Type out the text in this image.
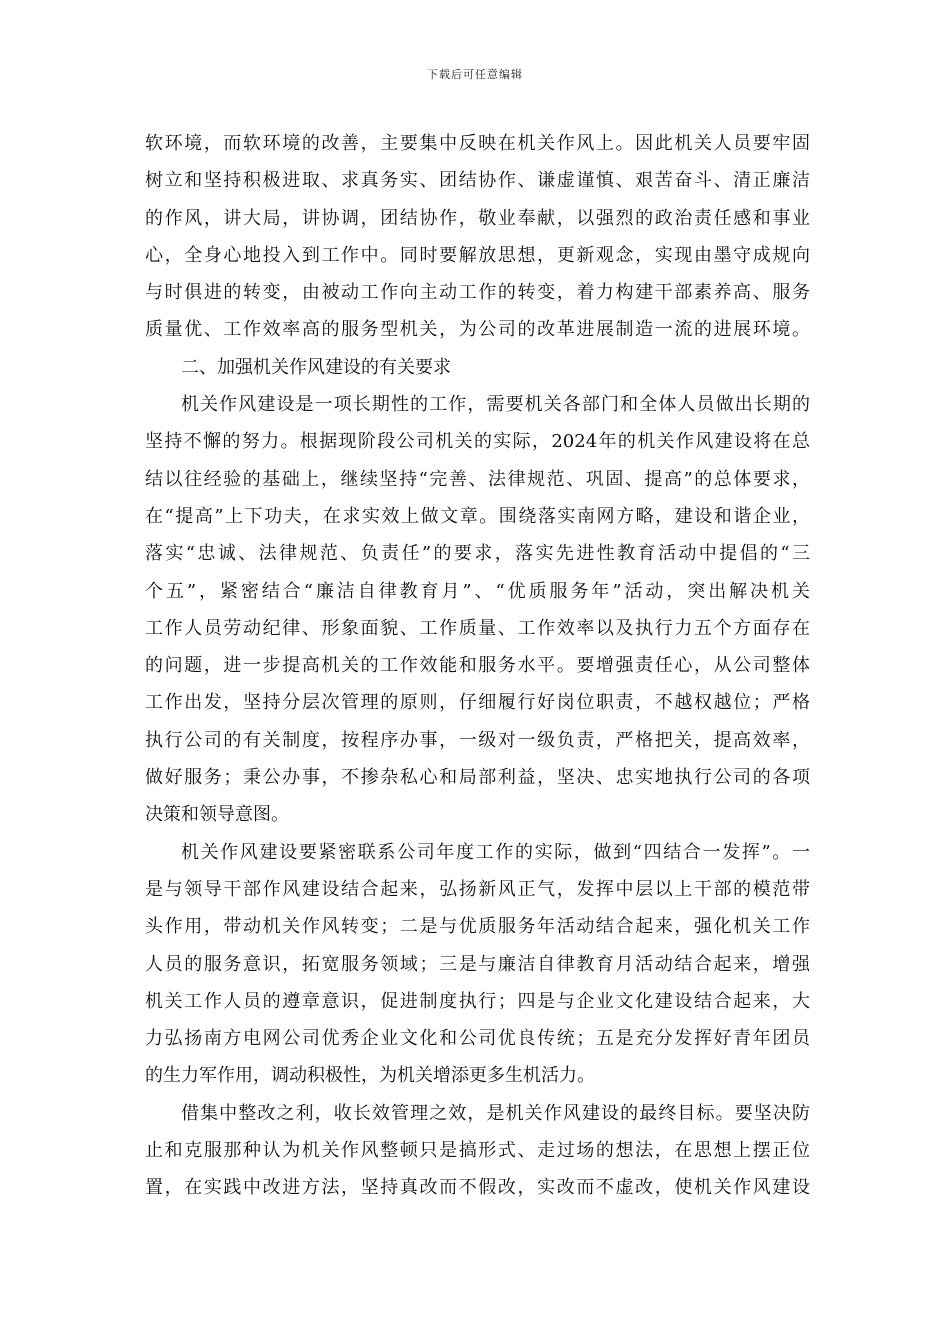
下载后可任意编辑
软环境，而软环境的改善，主要集中反映在机关作风上。因此机关人员要牢固
树立和坚持积极进取、求真务实、团结协作、谦虚谨慎、艰苦奋斗、清正廉洁
的作风，讲大局，讲协调，团结协作，敬业奉献，以强烈的政治责任感和事业
心，全身心地投入到工作中。同时要解放思想，更新观念，实现由墨守成规向
与时俱进的转变，由被动工作向主动工作的转变，着力构建干部素养高、服务
质量优、工作效率高的服务型机关，为公司的改革进展制造一流的进展环境。
二、加强机关作风建设的有关要求
机关作风建设是一项长期性的工作，需要机关各部门和全体人员做出长期的
坚持不懈的努力。根据现阶段公司机关的实际，2024年的机关作风建设将在总
结以往经验的基础上，继续坚持“完善、法律规范、巩固、提高”的总体要求，
在“提高”上下功夫，在求实效上做文章。围绕落实南网方略，建设和谐企业，
落实“忠诚、法律规范、负责任”的要求，落实先进性教育活动中提倡的“三
个五”，紧密结合“廉洁自律教育月”、“优质服务年”活动，突出解决机关
工作人员劳动纪律、形象面貌、工作质量、工作效率以及执行力五个方面存在
的问题，进一步提高机关的工作效能和服务水平。要增强责任心，从公司整体
工作出发，坚持分层次管理的原则，仔细履行好岗位职责，不越权越位；严格
执行公司的有关制度，按程序办事，一级对一级负责，严格把关，提高效率，
做好服务；秉公办事，不掺杂私心和局部利益，坚决、忠实地执行公司的各项
决策和领导意图。
机关作风建设要紧密联系公司年度工作的实际，做到“四结合一发挥”。一
是与领导干部作风建设结合起来，弘扬新风正气，发挥中层以上干部的模范带
头作用，带动机关作风转变；二是与优质服务年活动结合起来，强化机关工作
人员的服务意识，拓宽服务领域；三是与廉洁自律教育月活动结合起来，增强
机关工作人员的遵章意识，促进制度执行；四是与企业文化建设结合起来，大
力弘扬南方电网公司优秀企业文化和公司优良传统；五是充分发挥好青年团员
的生力军作用，调动积极性，为机关增添更多生机活力。
借集中整改之利，收长效管理之效，是机关作风建设的最终目标。要坚决防
止和克服那种认为机关作风整顿只是搞形式、走过场的想法，在思想上摆正位
置，在实践中改进方法，坚持真改而不假改，实改而不虚改，使机关作风建设
